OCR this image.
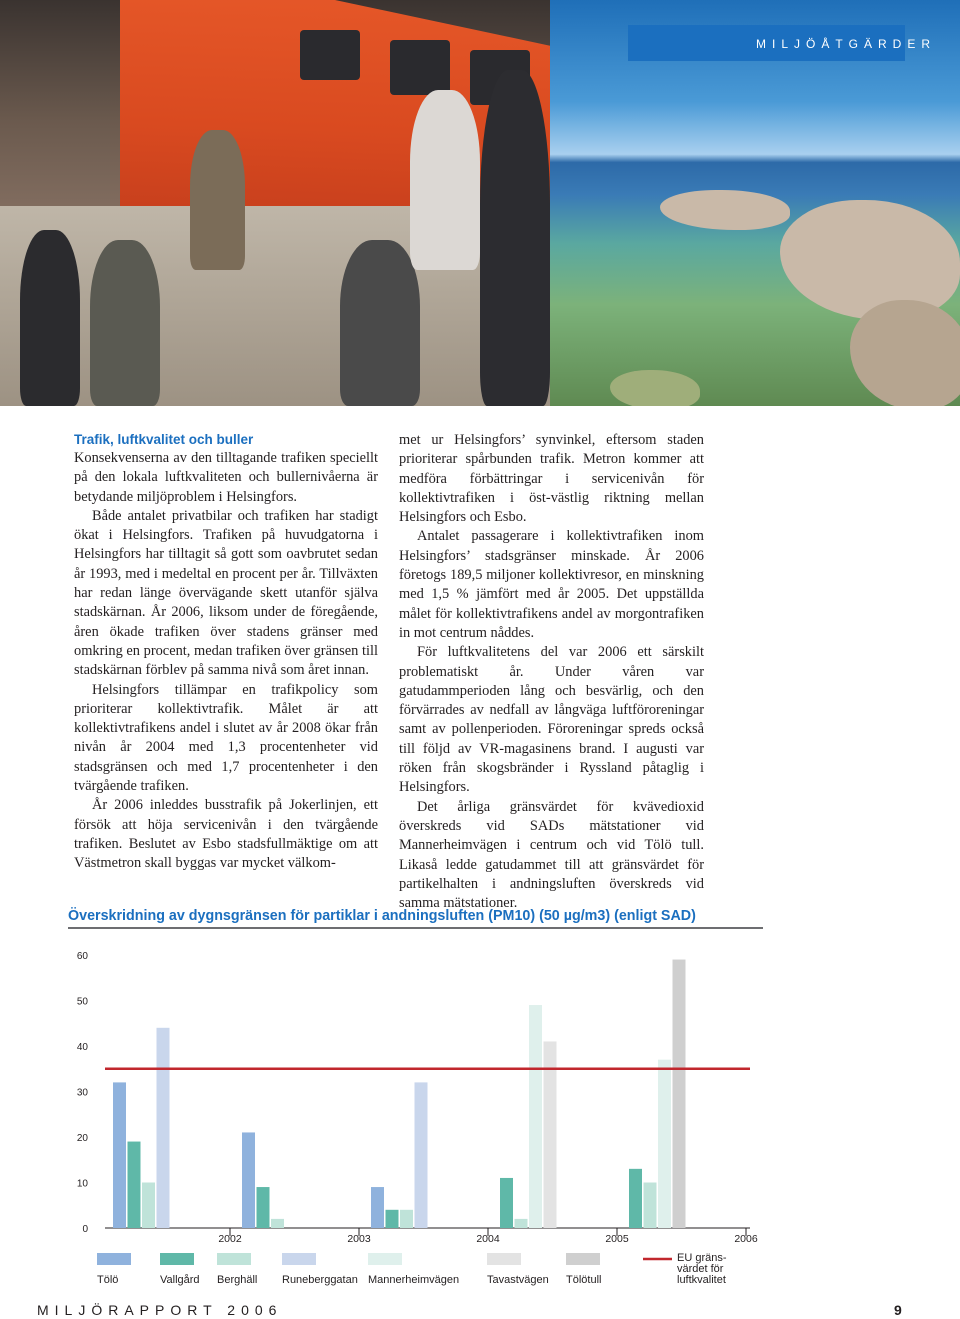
MILJÖÅTGÄRDER
Trafik, luftkvalitet och buller

Konsekvenserna av den tilltagande trafiken speciellt på den lokala luftkvaliteten och bullernivåerna är betydande miljöproblem i Helsingfors.

Både antalet privatbilar och trafiken har stadigt ökat i Helsingfors. Trafiken på huvudgatorna i Helsingfors har tilltagit så gott som oavbrutet sedan år 1993, med i medeltal en procent per år. Tillväxten har redan länge övervägande skett utanför själva stadskärnan. År 2006, liksom under de föregående, åren ökade trafiken över stadens gränser med omkring en procent, medan trafiken över gränsen till stadskärnan förblev på samma nivå som året innan.

Helsingfors tillämpar en trafikpolicy som prioriterar kollektivtrafik. Målet är att kollektivtrafikens andel i slutet av år 2008 ökar från nivån år 2004 med 1,3 procentenheter vid stadsgränsen och med 1,7 procentenheter i den tvärgående trafiken.

År 2006 inleddes busstrafik på Jokerlinjen, ett försök att höja servicenivån i den tvärgående trafiken. Beslutet av Esbo stadsfullmäktige om att Västmetron skall byggas var mycket välkom-

met ur Helsingfors’ synvinkel, eftersom staden prioriterar spårbunden trafik. Metron kommer att medföra förbättringar i servicenivån för kollektivtrafiken i öst-västlig riktning mellan Helsingfors och Esbo.

Antalet passagerare i kollektivtrafiken inom Helsingfors’ stadsgränser minskade. År 2006 företogs 189,5 miljoner kollektivresor, en minskning med 1,5 % jämfört med år 2005. Det uppställda målet för kollektivtrafikens andel av morgontrafiken in mot centrum nåddes.

För luftkvalitetens del var 2006 ett särskilt problematiskt år. Under våren var gatudammperioden lång och besvärlig, och den förvärrades av nedfall av långväga luftföroreningar samt av pollenperioden. Föroreningar spreds också till följd av VR-magasinens brand. I augusti var röken från skogsbränder i Ryssland påtaglig i Helsingfors.

Det årliga gränsvärdet för kvävedioxid överskreds vid SADs mätstationer vid Mannerheimvägen i centrum och vid Tölö tull. Likaså ledde gatudammet till att gränsvärdet för partikelhalten i andningsluften överskreds vid samma mätstationer.

Överskridning av dygnsgränsen för partiklar i andningsluften (PM10) (50 µg/m3) (enligt SAD)
0
10
20
30
40
50
60
2002	2003	2004	2005	2006
Tölö	Vallgård Berghäll Runeberggatan Mannerheimvägen	Tavastvägen Tölötull
EU gräns-
värdet för
luftkvalitet
MILJÖRAPPORT 2006	9
